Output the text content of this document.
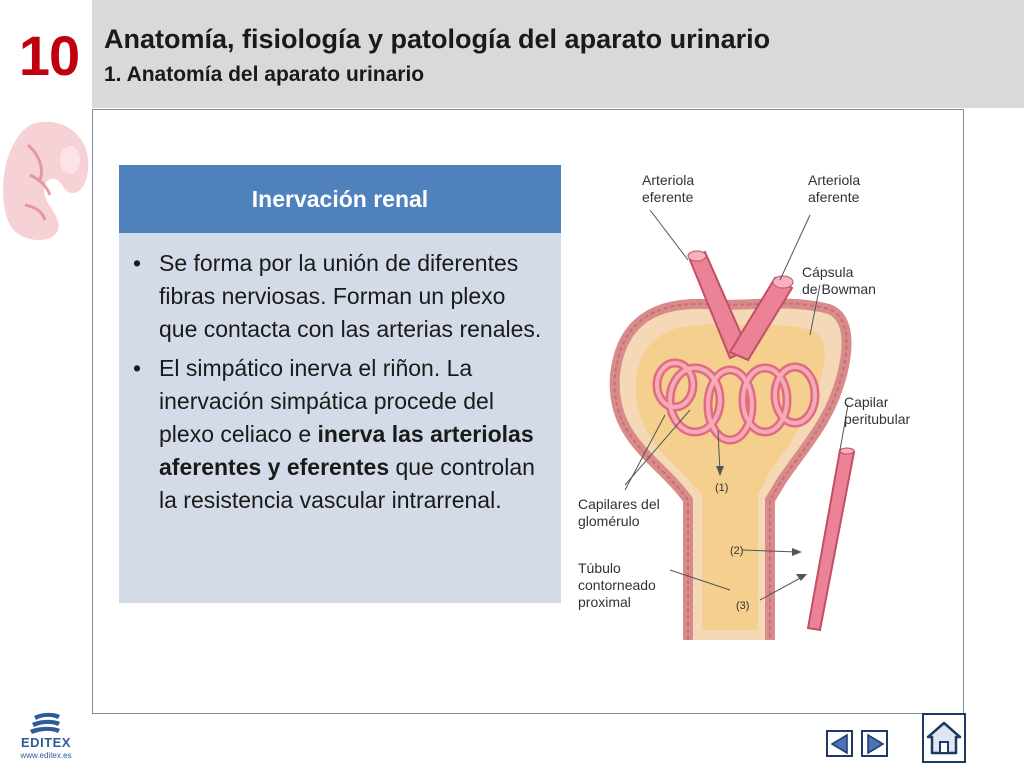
10 Anatomía, fisiología y patología del aparato urinario
1. Anatomía del aparato urinario
Inervación renal
• Se forma por la unión de diferentes fibras nerviosas. Forman un plexo que contacta con las arterias renales.
• El simpático inerva el riñon. La inervación simpática procede del plexo celiaco e inerva las arteriolas aferentes y eferentes que controlan la resistencia vascular intrarrenal.
Arteriola
eferente
Arteriola
aferente
Cápsula
de Bowman
Capilar
peritubular
Capilares del
glomérulo
Túbulo
contorneado
proximal
(1)
(2)
(3)
EDITEX
www.editex.es
